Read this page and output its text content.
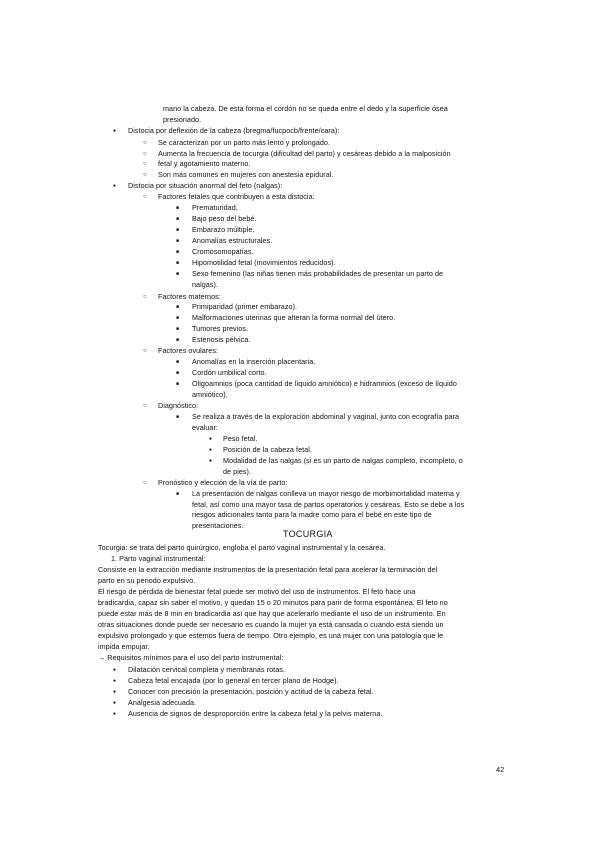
mano la cabeza. De esta forma el cordón no se queda entre el dedo y la superficie ósea
presionado.
●
Distocia por deflexión de la cabeza (bregma/fucpocb/frente/cara):
○
Se caracterizan por un parto más lento y prolongado.
○
Aumenta la frecuencia de tocurgia (dificultad del parto) y cesáreas debido a la malposición
○
fetal y agotamiento materno.
○
Son más comunes en mujeres con anestesia epidural.
●
Distocia por situación anormal del feto (nalgas):
○
Factores fetales que contribuyen a esta distocia:
■
Prematuridad.
■
Bajo peso del bebé.
■
Embarazo múltiple.
■
Anomalías estructurales.
■
Cromosomopatías.
■
Hipomotilidad fetal (movimientos reducidos).
■
Sexo femenino (las niñas tienen más probabilidades de presentar un parto de
nalgas).
○
Factores maternos:
■
Primiparidad (primer embarazo).
■
Malformaciones uterinas que alteran la forma normal del útero.
■
Tumores previos.
■
Estenosis pélvica.
○
Factores ovulares:
■
Anomalías en la inserción placentaria.
■
Cordón umbilical corto.
■
Oligoamnios (poca cantidad de líquido amniótico) e hidramnios (exceso de líquido
amniótico).
○
Diagnóstico:
■
Se realiza a través de la exploración abdominal y vaginal, junto con ecografía para
evaluar:
●
Peso fetal.
●
Posición de la cabeza fetal.
●
Modalidad de las nalgas (si es un parto de nalgas completo, incompleto, o
de pies).
○
Pronóstico y elección de la vía de parto:
■
La presentación de nalgas conlleva un mayor riesgo de morbimortalidad materna y
fetal, así como una mayor tasa de partos operatorios y cesáreas. Esto se debe a los
riesgos adicionales tanto para la madre como para el bebé en este tipo de
presentaciones.
Tocurgia: se trata del parto quirúrgico, engloba el parto vaginal instrumental y la cesárea.
1. Parto vaginal instrumental:
Consiste en la extracción mediante instrumentos de la presentación fetal para acelerar la terminación del
parto en su periodo expulsivo.
El riesgo de pérdida de bienestar fetal puede ser motivo del uso de instrumentos. El feto hace una
bradicardia, capaz sin saber el motivo, y quedan 15 o 20 minutos para parir de forma espontánea. El feto no
puede estar más de 8 min en bradicardia así que hay que acelerarlo mediante el uso de un instrumento. En
otras situaciones donde puede ser necesario es cuando la mujer ya está cansada o cuando está siendo un
expulsivo prolongado y que estemos fuera de tiempo. Otro ejemplo, es una mujer con una patología que le
impida empujar.
→ Requisitos mínimos para el uso del parto instrumental:
●
Dilatación cervical completa y membranas rotas.
●
Cabeza fetal encajada (por lo general en tercer plano de Hodge).
●
Conocer con precisión la presentación, posición y actitud de la cabeza fetal.
●
Analgesia adecuada.
●
Ausencia de signos de desproporción entre la cabeza fetal y la pelvis materna.
TOCURGIA
42
